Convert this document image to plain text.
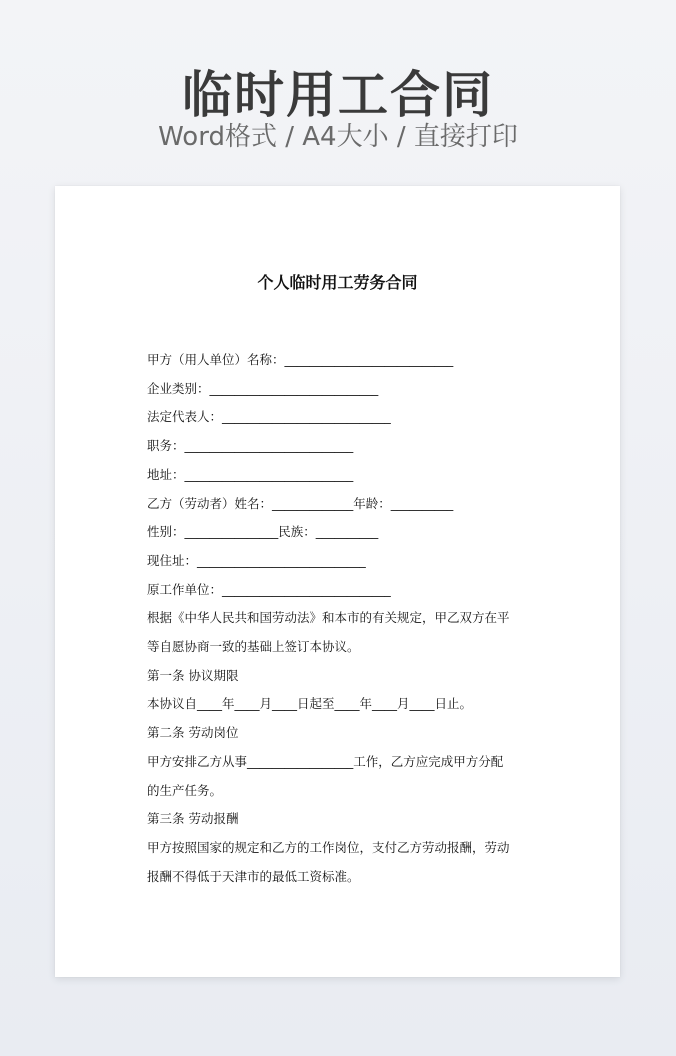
临时用工合同
Word格式 / A4大小 / 直接打印
个人临时用工劳务合同
甲方（用人单位）名称：___________________________
企业类别：___________________________
法定代表人：___________________________
职务：___________________________
地址：___________________________
乙方（劳动者）姓名：_____________年龄：__________
性别：_______________民族：__________
现住址：___________________________
原工作单位：___________________________
根据《中华人民共和国劳动法》和本市的有关规定，甲乙双方在平
等自愿协商一致的基础上签订本协议。
第一条 协议期限
本协议自____年____月____日起至____年____月____日止。
第二条 劳动岗位
甲方安排乙方从事_________________工作，乙方应完成甲方分配
的生产任务。
第三条 劳动报酬
甲方按照国家的规定和乙方的工作岗位，支付乙方劳动报酬，劳动
报酬不得低于天津市的最低工资标准。
